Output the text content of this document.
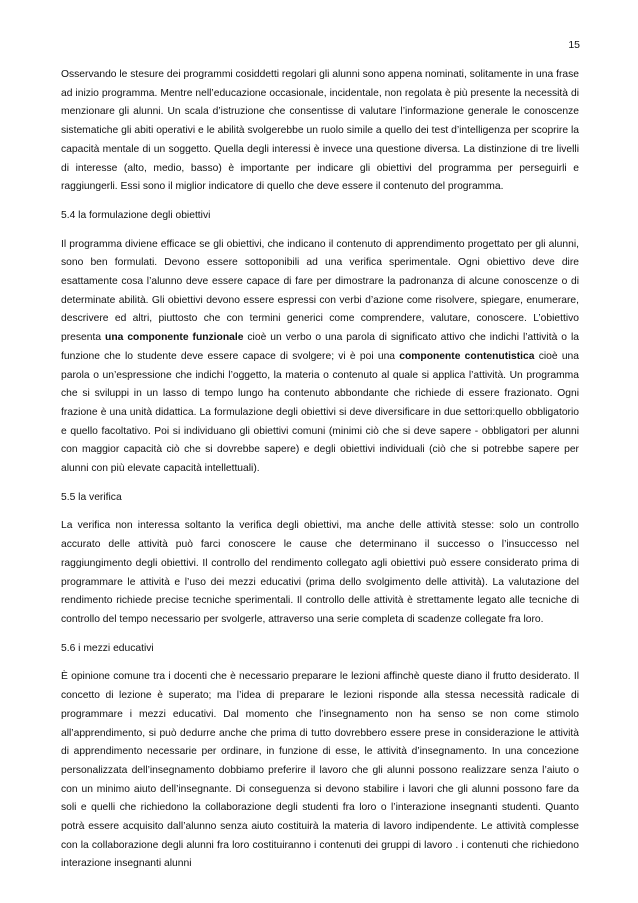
15

Osservando le stesure dei programmi cosiddetti regolari gli alunni sono appena nominati, solitamente in una frase ad inizio programma. Mentre nell’educazione occasionale, incidentale, non regolata è più presente la necessità di menzionare gli alunni. Un scala d’istruzione che consentisse di valutare l’informazione generale le conoscenze sistematiche gli abiti operativi e le abilità svolgerebbe un ruolo simile a quello dei test d’intelligenza per scoprire la capacità mentale di un soggetto. Quella degli interessi è invece una questione diversa. La distinzione di tre livelli di interesse (alto, medio, basso) è importante per indicare gli obiettivi del programma per perseguirli e raggiungerli. Essi sono il miglior indicatore di quello che deve essere il contenuto del programma.

5.4 la formulazione degli obiettivi

Il programma diviene efficace se gli obiettivi, che indicano il contenuto di apprendimento progettato per gli alunni, sono ben formulati. Devono essere sottoponibili ad una verifica sperimentale. Ogni obiettivo deve dire esattamente cosa l’alunno deve essere capace di fare per dimostrare la padronanza di alcune conoscenze o di determinate abilità. Gli obiettivi devono essere espressi con verbi d’azione come risolvere, spiegare, enumerare, descrivere ed altri, piuttosto che con termini generici come comprendere, valutare, conoscere. L’obiettivo presenta una componente funzionale cioè un verbo o una parola di significato attivo che indichi l’attività o la funzione che lo studente deve essere capace di svolgere; vi è poi una componente contenutistica cioè una parola o un’espressione che indichi l’oggetto, la materia o contenuto al quale si applica l’attività. Un programma che si sviluppi in un lasso di tempo lungo ha contenuto abbondante che richiede di essere frazionato. Ogni frazione è una unità didattica. La formulazione degli obiettivi si deve diversificare in due settori:quello obbligatorio e quello facoltativo. Poi si individuano gli obiettivi comuni (minimi ciò che si deve sapere - obbligatori per alunni con maggior capacità ciò che si dovrebbe sapere) e degli obiettivi individuali (ciò che si potrebbe sapere per alunni con più elevate capacità intellettuali).

5.5 la verifica

La verifica non interessa soltanto la verifica degli obiettivi, ma anche delle attività stesse: solo un controllo accurato delle attività può farci conoscere le cause che determinano il successo o l’insuccesso nel raggiungimento degli obiettivi. Il controllo del rendimento collegato agli obiettivi può essere considerato prima di programmare le attività e l’uso dei mezzi educativi (prima dello svolgimento delle attività). La valutazione del rendimento richiede precise tecniche sperimentali. Il controllo delle attività è strettamente legato alle tecniche di controllo del tempo necessario per svolgerle, attraverso una serie completa di scadenze collegate fra loro.

5.6 i mezzi educativi

È opinione comune tra i docenti che è necessario preparare le lezioni affinchè queste diano il frutto desiderato. Il concetto di lezione è superato; ma l’idea di preparare le lezioni risponde alla stessa necessità radicale di programmare i mezzi educativi. Dal momento che l’insegnamento non ha senso se non come stimolo all’apprendimento, si può dedurre anche che prima di tutto dovrebbero essere prese in considerazione le attività di apprendimento necessarie per ordinare, in funzione di esse, le attività d’insegnamento. In una concezione personalizzata dell’insegnamento dobbiamo preferire il lavoro che gli alunni possono realizzare senza l’aiuto o con un minimo aiuto dell’insegnante. Di conseguenza si devono stabilire i lavori che gli alunni possono fare da soli e quelli che richiedono la collaborazione degli studenti fra loro o l’interazione insegnanti studenti. Quanto potrà essere acquisito dall’alunno senza aiuto costituirà la materia di lavoro indipendente. Le attività complesse con la collaborazione degli alunni fra loro costituiranno i contenuti dei gruppi di lavoro . i contenuti che richiedono interazione insegnanti alunni
